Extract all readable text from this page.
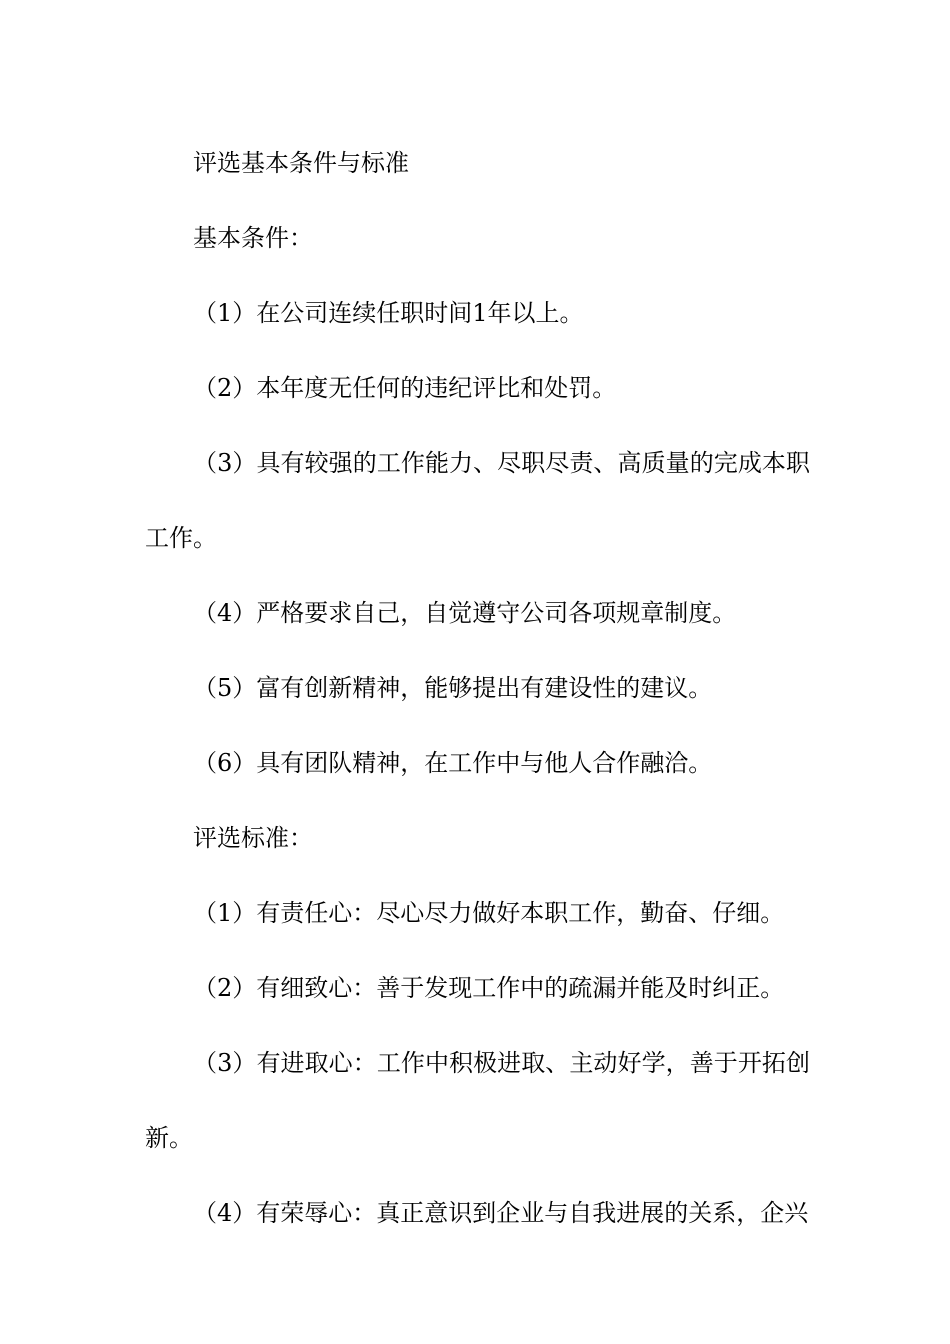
评选基本条件与标准

基本条件：

（1）在公司连续任职时间1年以上。

（2）本年度无任何的违纪评比和处罚。

（3）具有较强的工作能力、尽职尽责、高质量的完成本职工作。

（4）严格要求自己，自觉遵守公司各项规章制度。

（5）富有创新精神，能够提出有建设性的建议。

（6）具有团队精神，在工作中与他人合作融洽。

评选标准：

（1）有责任心：尽心尽力做好本职工作，勤奋、仔细。

（2）有细致心：善于发现工作中的疏漏并能及时纠正。

（3）有进取心：工作中积极进取、主动好学，善于开拓创新。

（4）有荣辱心：真正意识到企业与自我进展的关系，企兴
